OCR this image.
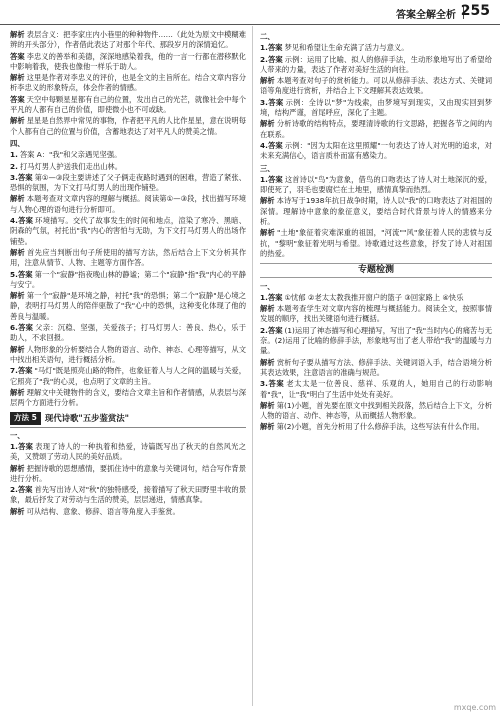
答案全解全析 255

解析 表层含义：把李家庄内小巷里的种种物件……（此处为原文中模糊难辨的开头部分），作者借此表达了对那个年代、那段岁月的深情追忆。

答案 李忠义的善举和美德，深深地感染着我，他的一言一行都在潜移默化中影响着我，使我也像他一样乐于助人。

解析 这里是作者对李忠义的评价，也是全文的主旨所在。结合文章内容分析李忠义的形象特点，体会作者的情感。

答案 天空中每颗星星都有自己的位置，发出自己的光芒，就像社会中每个平凡的人都有自己的价值，即使微小也不可或缺。

解析 星星是自然界中常见的事物，作者把平凡的人比作星星，意在说明每个人都有自己的位置与价值，含蓄地表达了对平凡人的赞美之情。

四、

1. 答案 A："我"和父亲遇见坚强。

2. 打马灯男人护送我们走出山林。

3.答案 第①—③段主要讲述了父子俩走夜路时遇到的困难，营造了紧张、恐惧的氛围，为下文打马灯男人的出现作铺垫。

解析 本题考查对文章内容的理解与概括。阅读第①—③段，找出描写环境与人物心理的语句进行分析即可。

4.答案 环境描写。交代了故事发生的时间和地点，渲染了寒冷、黑暗、阴森的气氛，衬托出"我"内心的害怕与无助，为下文打马灯男人的出场作铺垫。

解析 首先应当判断出句子所使用的描写方法，然后结合上下文分析其作用，注意从情节、人物、主题等方面作答。

5.答案 第一个"寂静"指夜晚山林的静谧；第二个"寂静"指"我"内心的平静与安宁。

解析 第一个"寂静"是环境之静，衬托"我"的恐惧；第二个"寂静"是心境之静，表明打马灯男人的陪伴驱散了"我"心中的恐惧，这种变化体现了他的善良与温暖。

6.答案 父亲：沉稳、坚强，关爱孩子；打马灯男人：善良、热心，乐于助人，不求回报。

解析 人物形象的分析要结合人物的语言、动作、神态、心理等描写，从文中找出相关语句，进行概括分析。

7.答案 "马灯"既是照亮山路的物件，也象征着人与人之间的温暖与关爱，它照亮了"我"的心灵，也点明了文章的主旨。

解析 理解文中关键物件的含义，要结合文章主旨和作者情感，从表层与深层两个方面进行分析。

方法 5 现代诗歌"五步鉴赏法"
一、

1.答案 表现了诗人的一种执着和热爱，诗篇既写出了秋天的自然风光之美，又赞颂了劳动人民的美好品质。

解析 把握诗歌的思想感情，要抓住诗中的意象与关键词句，结合写作背景进行分析。

2.答案 首先写出诗人对"秋"的独特感受，接着描写了秋天田野里丰收的景象，最后抒发了对劳动与生活的赞美，层层递进，情感真挚。

解析 可从结构、意象、修辞、语言等角度入手鉴赏。

二、

1.答案 梦见和希望让生命充满了活力与意义。

2.答案 示例：运用了比喻、拟人的修辞手法，生动形象地写出了希望给人带来的力量，表达了作者对美好生活的向往。

解析 本题考查对句子的赏析能力。可以从修辞手法、表达方式、关键词语等角度进行赏析，并结合上下文理解其表达效果。

3.答案 示例：全诗以"梦"为线索，由梦境写到现实，又由现实回到梦境，结构严谨，首尾呼应，深化了主题。

解析 分析诗歌的结构特点，要理清诗歌的行文思路，把握各节之间的内在联系。

4.答案 示例："因为太阳在这里照耀"一句表达了诗人对光明的追求，对未来充满信心，语言质朴而富有感染力。

三、

1.答案 这首诗以"鸟"为意象，借鸟的口吻表达了诗人对土地深沉的爱，即使死了，羽毛也要腐烂在土地里，感情真挚而热烈。

解析 本诗写于1938年抗日战争时期，诗人以"我"的口吻表达了对祖国的深情。理解诗中意象的象征意义，要结合时代背景与诗人的情感来分析。

解析 "土地"象征着灾难深重的祖国，"河流""风"象征着人民的悲愤与反抗，"黎明"象征着光明与希望。诗歌通过这些意象，抒发了诗人对祖国的热爱。

专题检测
一、

1.答案 ①忧郁 ②老太太教我推开窗户的篮子 ③回家路上 ④快乐

解析 本题考查学生对文章内容的梳理与概括能力。阅读全文，按照事情发展的顺序，找出关键语句进行概括。

2.答案 (1)运用了神态描写和心理描写，写出了"我"当时内心的痛苦与无奈。(2)运用了比喻的修辞手法，形象地写出了老人带给"我"的温暖与力量。

解析 赏析句子要从描写方法、修辞手法、关键词语入手，结合语境分析其表达效果，注意语言的准确与规范。

3.答案 老太太是一位善良、慈祥、乐观的人，她用自己的行动影响着"我"，让"我"明白了生活中处处有美好。

解析 第(1)小题，首先要在原文中找到相关段落，然后结合上下文，分析人物的语言、动作、神态等，从而概括人物形象。

解析 第(2)小题，首先分析用了什么修辞手法，这些写法有什么作用。

mxqe.com
